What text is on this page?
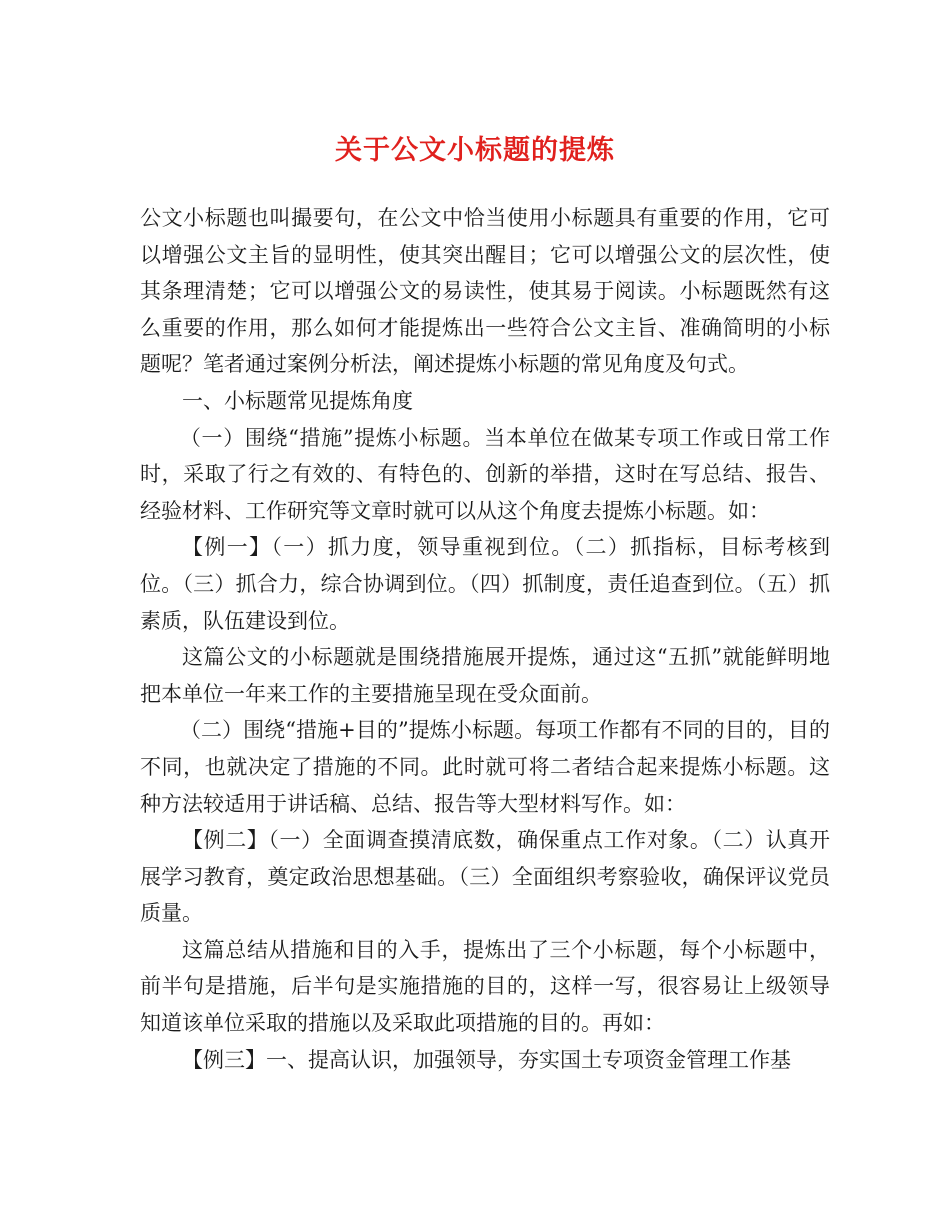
关于公文小标题的提炼

公文小标题也叫撮要句，在公文中恰当使用小标题具有重要的作用，它可以增强公文主旨的显明性，使其突出醒目；它可以增强公文的层次性，使其条理清楚；它可以增强公文的易读性，使其易于阅读。小标题既然有这么重要的作用，那么如何才能提炼出一些符合公文主旨、准确简明的小标题呢？笔者通过案例分析法，阐述提炼小标题的常见角度及句式。

一、小标题常见提炼角度

（一）围绕“措施”提炼小标题。当本单位在做某专项工作或日常工作时，采取了行之有效的、有特色的、创新的举措，这时在写总结、报告、经验材料、工作研究等文章时就可以从这个角度去提炼小标题。如：

【例一】（一）抓力度，领导重视到位。（二）抓指标，目标考核到位。（三）抓合力，综合协调到位。（四）抓制度，责任追查到位。（五）抓素质，队伍建设到位。

这篇公文的小标题就是围绕措施展开提炼，通过这“五抓”就能鲜明地把本单位一年来工作的主要措施呈现在受众面前。

（二）围绕“措施+目的”提炼小标题。每项工作都有不同的目的，目的不同，也就决定了措施的不同。此时就可将二者结合起来提炼小标题。这种方法较适用于讲话稿、总结、报告等大型材料写作。如：

【例二】（一）全面调查摸清底数，确保重点工作对象。（二）认真开展学习教育，奠定政治思想基础。（三）全面组织考察验收，确保评议党员质量。

这篇总结从措施和目的入手，提炼出了三个小标题，每个小标题中，前半句是措施，后半句是实施措施的目的，这样一写，很容易让上级领导知道该单位采取的措施以及采取此项措施的目的。再如：

【例三】一、提高认识，加强领导，夯实国土专项资金管理工作基
